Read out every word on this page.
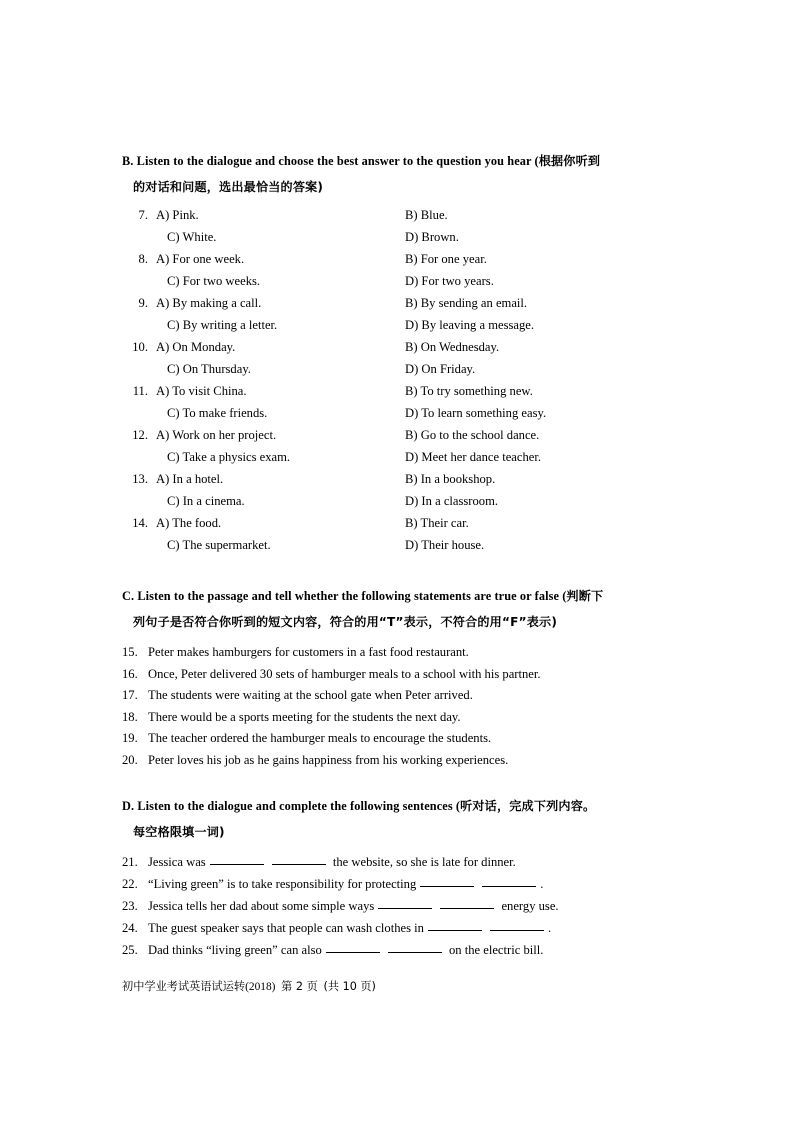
B. Listen to the dialogue and choose the best answer to the question you hear (根据你听到
的对话和问题，选出最恰当的答案)
7. A) Pink.	B) Blue.
C) White.	D) Brown.
8. A) For one week.	B) For one year.
C) For two weeks.	D) For two years.
9. A) By making a call.	B) By sending an email.
C) By writing a letter.	D) By leaving a message.
10. A) On Monday.	B) On Wednesday.
C) On Thursday.	D) On Friday.
11. A) To visit China.	B) To try something new.
C) To make friends.	D) To learn something easy.
12. A) Work on her project.	B) Go to the school dance.
C) Take a physics exam.	D) Meet her dance teacher.
13. A) In a hotel.	B) In a bookshop.
C) In a cinema.	D) In a classroom.
14. A) The food.	B) Their car.
C) The supermarket.	D) Their house.
C. Listen to the passage and tell whether the following statements are true or false (判断下
列句子是否符合你听到的短文内容，符合的用“T”表示，不符合的用“F”表示)
15. Peter makes hamburgers for customers in a fast food restaurant.
16. Once, Peter delivered 30 sets of hamburger meals to a school with his partner.
17. The students were waiting at the school gate when Peter arrived.
18. There would be a sports meeting for the students the next day.
19. The teacher ordered the hamburger meals to encourage the students.
20. Peter loves his job as he gains happiness from his working experiences.
D. Listen to the dialogue and complete the following sentences (听对话，完成下列内容。
每空格限填一词)
21. Jessica was	the website, so she is late for dinner.
22. “Living green” is to take responsibility for protecting	.
23. Jessica tells her dad about some simple ways	energy use.
24. The guest speaker says that people can wash clothes in	.
25. Dad thinks “living green” can also	on the electric bill.
初中学业考试英语试运转(2018) 第 2 页 (共 10 页)
